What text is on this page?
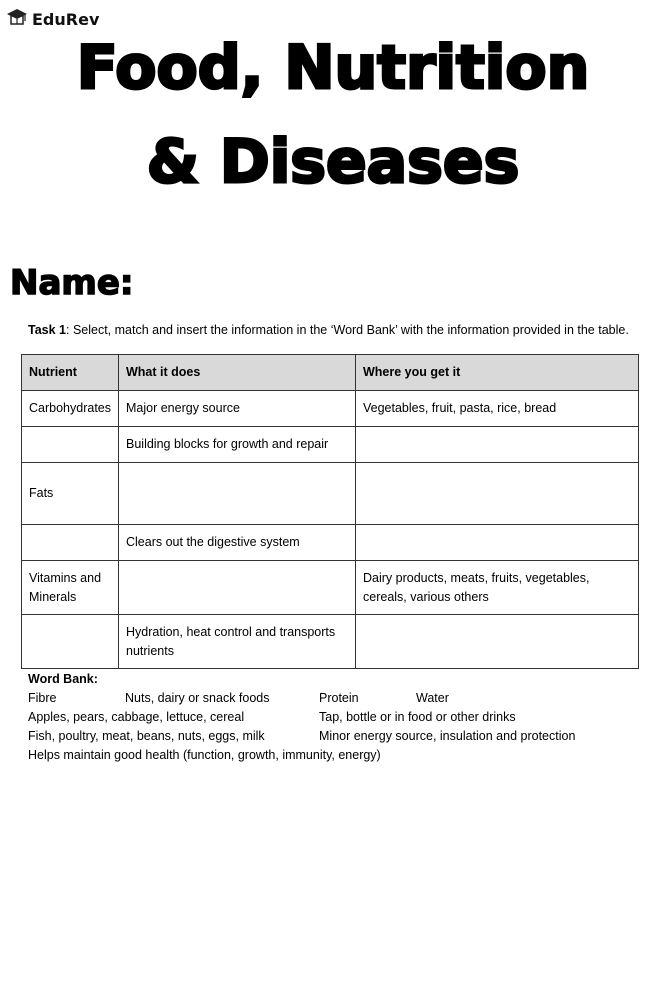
EduRev
Food, Nutrition
& Diseases
Name:
Task 1: Select, match and insert the information in the ‘Word Bank’ with the information provided in the table.
Nutrient	What it does	Where you get it
Carbohydrates	Major energy source	Vegetables, fruit, pasta, rice, bread
	Building blocks for growth and repair	
Fats		
	Clears out the digestive system	
Vitamins and Minerals		Dairy products, meats, fruits, vegetables, cereals, various others
	Hydration, heat control and transports nutrients	
Word Bank:
Fibre	Nuts, dairy or snack foods	Protein	Water
Apples, pears, cabbage, lettuce, cereal	Tap, bottle or in food or other drinks
Fish, poultry, meat, beans, nuts, eggs, milk	Minor energy source, insulation and protection
Helps maintain good health (function, growth, immunity, energy)
